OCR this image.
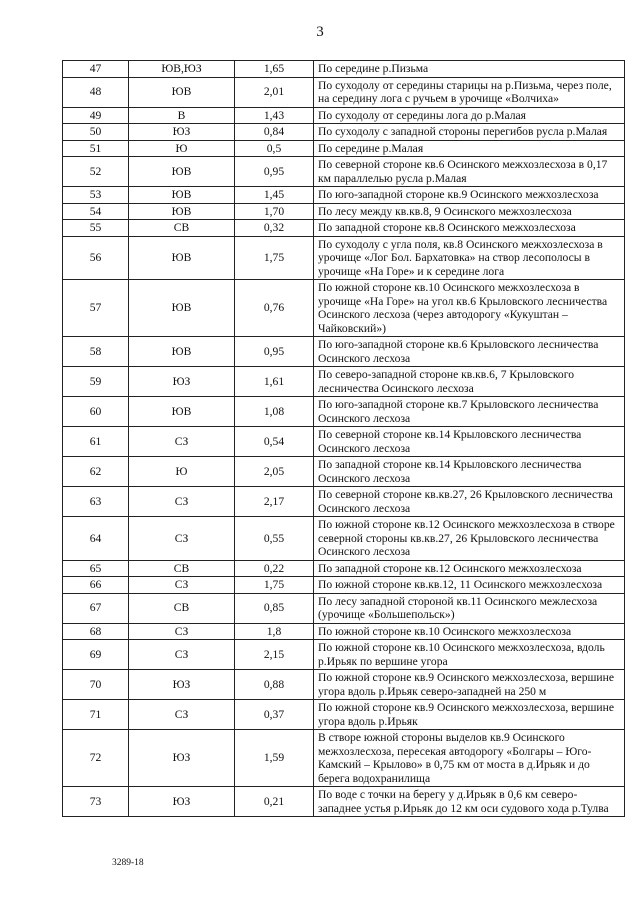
3
47	ЮВ,ЮЗ	1,65	По середине р.Пизьма
48	ЮВ	2,01	По суходолу от середины старицы на р.Пизьма, через поле, на середину лога с ручьем в урочище «Волчиха»
49	В	1,43	По суходолу от середины лога до р.Малая
50	ЮЗ	0,84	По суходолу с западной стороны перегибов русла р.Малая
51	Ю	0,5	По середине р.Малая
52	ЮВ	0,95	По северной стороне кв.6 Осинского межхозлесхоза в 0,17 км параллелью русла р.Малая
53	ЮВ	1,45	По юго-западной стороне кв.9 Осинского межхозлесхоза
54	ЮВ	1,70	По лесу между кв.кв.8, 9 Осинского межхозлесхоза
55	СВ	0,32	По западной стороне кв.8 Осинского межхозлесхоза
56	ЮВ	1,75	По суходолу с угла поля, кв.8 Осинского межхозлесхоза в урочище «Лог Бол. Бархатовка» на створ лесополосы в урочище «На Горе» и к середине лога
57	ЮВ	0,76	По южной стороне кв.10 Осинского межхозлесхоза в урочище «На Горе» на угол кв.6 Крыловского лесничества Осинского лесхоза (через автодорогу «Кукуштан – Чайковский»)
58	ЮВ	0,95	По юго-западной стороне кв.6 Крыловского лесничества Осинского лесхоза
59	ЮЗ	1,61	По северо-западной стороне кв.кв.6, 7 Крыловского лесничества Осинского лесхоза
60	ЮВ	1,08	По юго-западной стороне кв.7 Крыловского лесничества Осинского лесхоза
61	СЗ	0,54	По северной стороне кв.14 Крыловского лесничества Осинского лесхоза
62	Ю	2,05	По западной стороне кв.14 Крыловского лесничества Осинского лесхоза
63	СЗ	2,17	По северной стороне кв.кв.27, 26 Крыловского лесничества Осинского лесхоза
64	СЗ	0,55	По южной стороне кв.12 Осинского межхозлесхоза в створе северной стороны кв.кв.27, 26 Крыловского лесничества Осинского лесхоза
65	СВ	0,22	По западной стороне кв.12 Осинского межхозлесхоза
66	СЗ	1,75	По южной стороне кв.кв.12, 11 Осинского межхозлесхоза
67	СВ	0,85	По лесу западной стороной кв.11 Осинского межлесхоза (урочище «Большепольск»)
68	СЗ	1,8	По южной стороне кв.10 Осинского межхозлесхоза
69	СЗ	2,15	По южной стороне кв.10 Осинского межхозлесхоза, вдоль р.Ирьяк по вершине угора
70	ЮЗ	0,88	По южной стороне кв.9 Осинского межхозлесхоза, вершине угора вдоль р.Ирьяк северо-западней на 250 м
71	СЗ	0,37	По южной стороне кв.9 Осинского межхозлесхоза, вершине угора вдоль р.Ирьяк
72	ЮЗ	1,59	В створе южной стороны выделов кв.9 Осинского межхозлесхоза, пересекая автодорогу «Болгары – Юго-Камский – Крылово» в 0,75 км от моста в д.Ирьяк и до берега водохранилища
73	ЮЗ	0,21	По воде с точки на берегу у д.Ирьяк в 0,6 км северо-западнее устья р.Ирьяк до 12 км оси судового хода р.Тулва
3289-18
